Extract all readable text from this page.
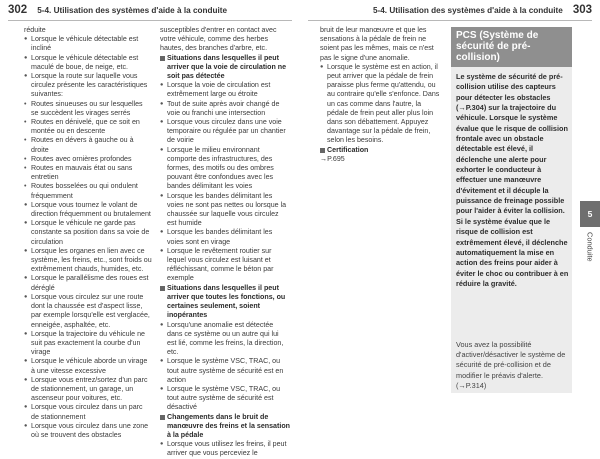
302 5-4. Utilisation des systèmes d'aide à la conduite	5-4. Utilisation des systèmes d'aide à la conduite 303
réduite
● Lorsque le véhicule détectable est incliné
● Lorsque le véhicule détectable est maculé de boue, de neige, etc.
● Lorsque la route sur laquelle vous circulez présente les caractéristiques suivantes:
• Routes sinueuses ou sur lesquelles se succèdent les virages serrés
• Routes en dénivelé, que ce soit en montée ou en descente
• Routes en dévers à gauche ou à droite
• Routes avec ornières profondes
• Routes en mauvais état ou sans entretien
• Routes bosselées ou qui ondulent fréquemment
● Lorsque vous tournez le volant de direction fréquemment ou brutalement
● Lorsque le véhicule ne garde pas constante sa position dans sa voie de circulation
● Lorsque les organes en lien avec ce système, les freins, etc., sont froids ou extrêmement chauds, humides, etc.
● Lorsque le parallélisme des roues est déréglé
● Lorsque vous circulez sur une route dont la chaussée est d'aspect lisse, par exemple lorsqu'elle est verglacée, enneigée, asphaltée, etc.
● Lorsque la trajectoire du véhicule ne suit pas exactement la courbe d'un virage
● Lorsque le véhicule aborde un virage à une vitesse excessive
● Lorsque vous entrez/sortez d'un parc de stationnement, un garage, un ascenseur pour voitures, etc.
● Lorsque vous circulez dans un parc de stationnement
● Lorsque vous circulez dans une zone où se trouvent des obstacles
susceptibles d'entrer en contact avec votre véhicule, comme des herbes hautes, des branches d'arbre, etc.
Situations dans lesquelles il peut arriver que la voie de circulation ne soit pas détectée
● Lorsque la voie de circulation est extrêmement large ou étroite
● Tout de suite après avoir changé de voie ou franchi une intersection
● Lorsque vous circulez dans une voie temporaire ou régulée par un chantier de voirie
● Lorsque le milieu environnant comporte des infrastructures, des formes, des motifs ou des ombres pouvant être confondues avec les bandes délimitant les voies
● Lorsque les bandes délimitant les voies ne sont pas nettes ou lorsque la chaussée sur laquelle vous circulez est humide
● Lorsque les bandes délimitant les voies sont en virage
● Lorsque le revêtement routier sur lequel vous circulez est luisant et réfléchissant, comme le béton par exemple
Situations dans lesquelles il peut arriver que toutes les fonctions, ou certaines seulement, soient inopérantes
● Lorsqu'une anomalie est détectée dans ce système ou un autre qui lui est lié, comme les freins, la direction, etc.
● Lorsque le système VSC, TRAC, ou tout autre système de sécurité est en action
● Lorsque le système VSC, TRAC, ou tout autre système de sécurité est désactivé
Changements dans le bruit de manœuvre des freins et la sensation à la pédale
● Lorsque vous utilisez les freins, il peut arriver que vous perceviez le
bruit de leur manœuvre et que les sensations à la pédale de frein ne soient pas les mêmes, mais ce n'est pas le signe d'une anomalie.
● Lorsque le système est en action, il peut arriver que la pédale de frein paraisse plus ferme qu'attendu, ou au contraire qu'elle s'enfonce. Dans un cas comme dans l'autre, la pédale de frein peut aller plus loin dans son débattement. Appuyez davantage sur la pédale de frein, selon les besoins.
Certification
→P.695
PCS (Système de sécurité de pré-collision)
Le système de sécurité de pré-collision utilise des capteurs pour détecter les obstacles (→P.304) sur la trajectoire du véhicule. Lorsque le système évalue que le risque de collision frontale avec un obstacle détectable est élevé, il déclenche une alerte pour exhorter le conducteur à effectuer une manœuvre d'évitement et il décuple la puissance de freinage possible pour l'aider à éviter la collision. Si le système évalue que le risque de collision est extrêmement élevé, il déclenche automatiquement la mise en action des freins pour aider à éviter le choc ou contribuer à en réduire la gravité.
Vous avez la possibilité d'activer/désactiver le système de sécurité de pré-collision et de modifier le préavis d'alerte. (→P.314)
5
Conduite
